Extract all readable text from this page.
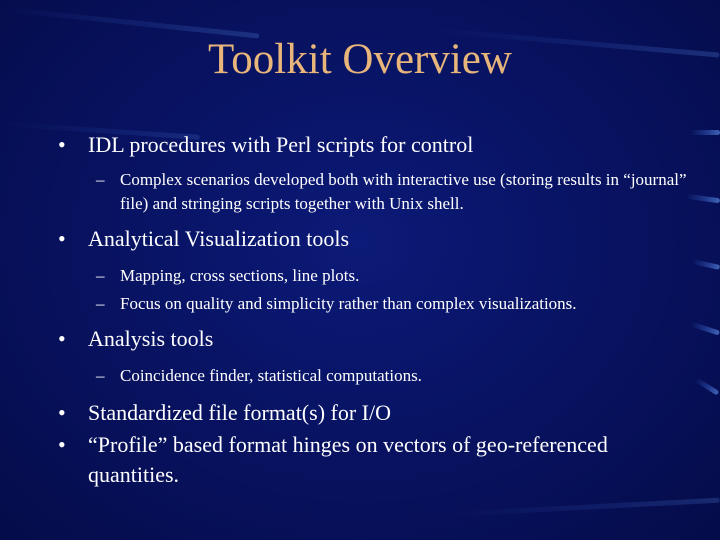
Toolkit Overview
•	IDL procedures with Perl scripts for control
– Complex scenarios developed both with interactive use (storing results in “journal” file) and stringing scripts together with Unix shell.
•	Analytical Visualization tools
– Mapping, cross sections, line plots.
– Focus on quality and simplicity rather than complex visualizations.
•	Analysis tools
– Coincidence finder, statistical computations.
•	Standardized file format(s) for I/O
•	“Profile” based format hinges on vectors of geo-referenced quantities.
